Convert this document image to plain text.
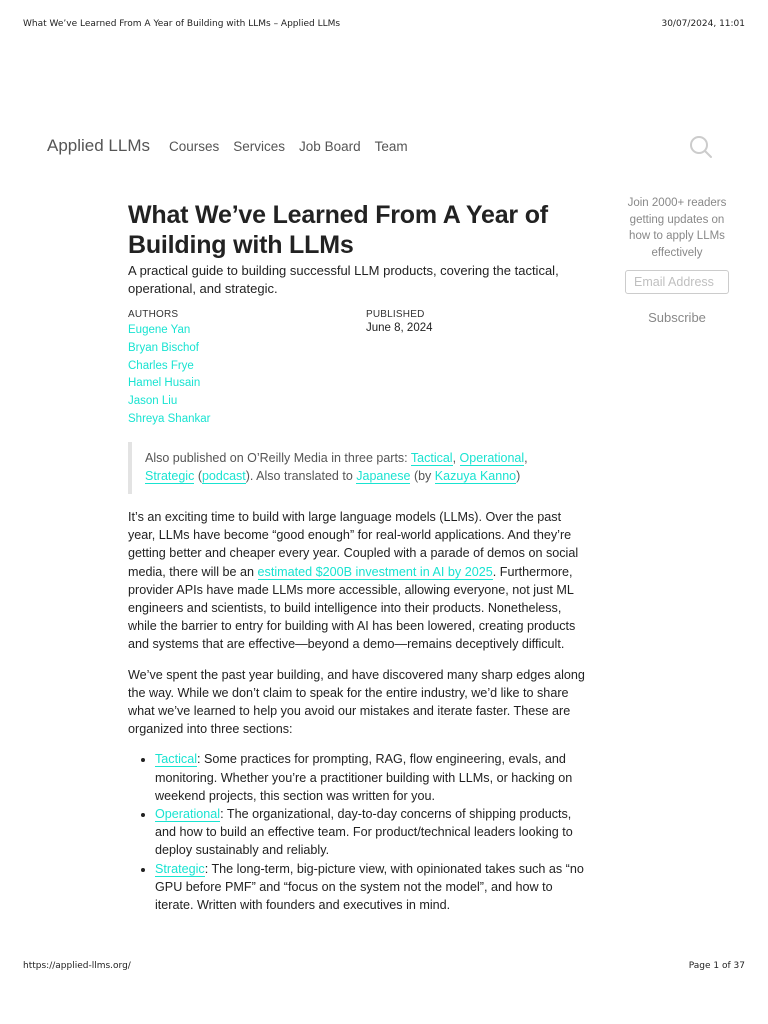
What We’ve Learned From A Year of Building with LLMs – Applied LLMs	30/07/2024, 11:01
Applied LLMs Courses Services Job Board Team
What We’ve Learned From A Year of Building with LLMs

A practical guide to building successful LLM products, covering the tactical, operational, and strategic.

AUTHORS
Eugene Yan
Bryan Bischof
Charles Frye
Hamel Husain
Jason Liu
Shreya Shankar
PUBLISHED
June 8, 2024
Also published on O’Reilly Media in three parts: Tactical, Operational, Strategic (podcast). Also translated to Japanese (by Kazuya Kanno)

It’s an exciting time to build with large language models (LLMs). Over the past year, LLMs have become “good enough” for real-world applications. And they’re getting better and cheaper every year. Coupled with a parade of demos on social media, there will be an estimated $200B investment in AI by 2025. Furthermore, provider APIs have made LLMs more accessible, allowing everyone, not just ML engineers and scientists, to build intelligence into their products. Nonetheless, while the barrier to entry for building with AI has been lowered, creating products and systems that are effective—beyond a demo—remains deceptively difficult.

We’ve spent the past year building, and have discovered many sharp edges along the way. While we don’t claim to speak for the entire industry, we’d like to share what we’ve learned to help you avoid our mistakes and iterate faster. These are organized into three sections:

• Tactical: Some practices for prompting, RAG, flow engineering, evals, and monitoring. Whether you’re a practitioner building with LLMs, or hacking on weekend projects, this section was written for you.
• Operational: The organizational, day-to-day concerns of shipping products, and how to build an effective team. For product/technical leaders looking to deploy sustainably and reliably.
• Strategic: The long-term, big-picture view, with opinionated takes such as “no GPU before PMF” and “focus on the system not the model”, and how to iterate. Written with founders and executives in mind.

Join 2000+ readers getting updates on how to apply LLMs effectively

Email Address
Subscribe
https://applied-llms.org/	Page 1 of 37
